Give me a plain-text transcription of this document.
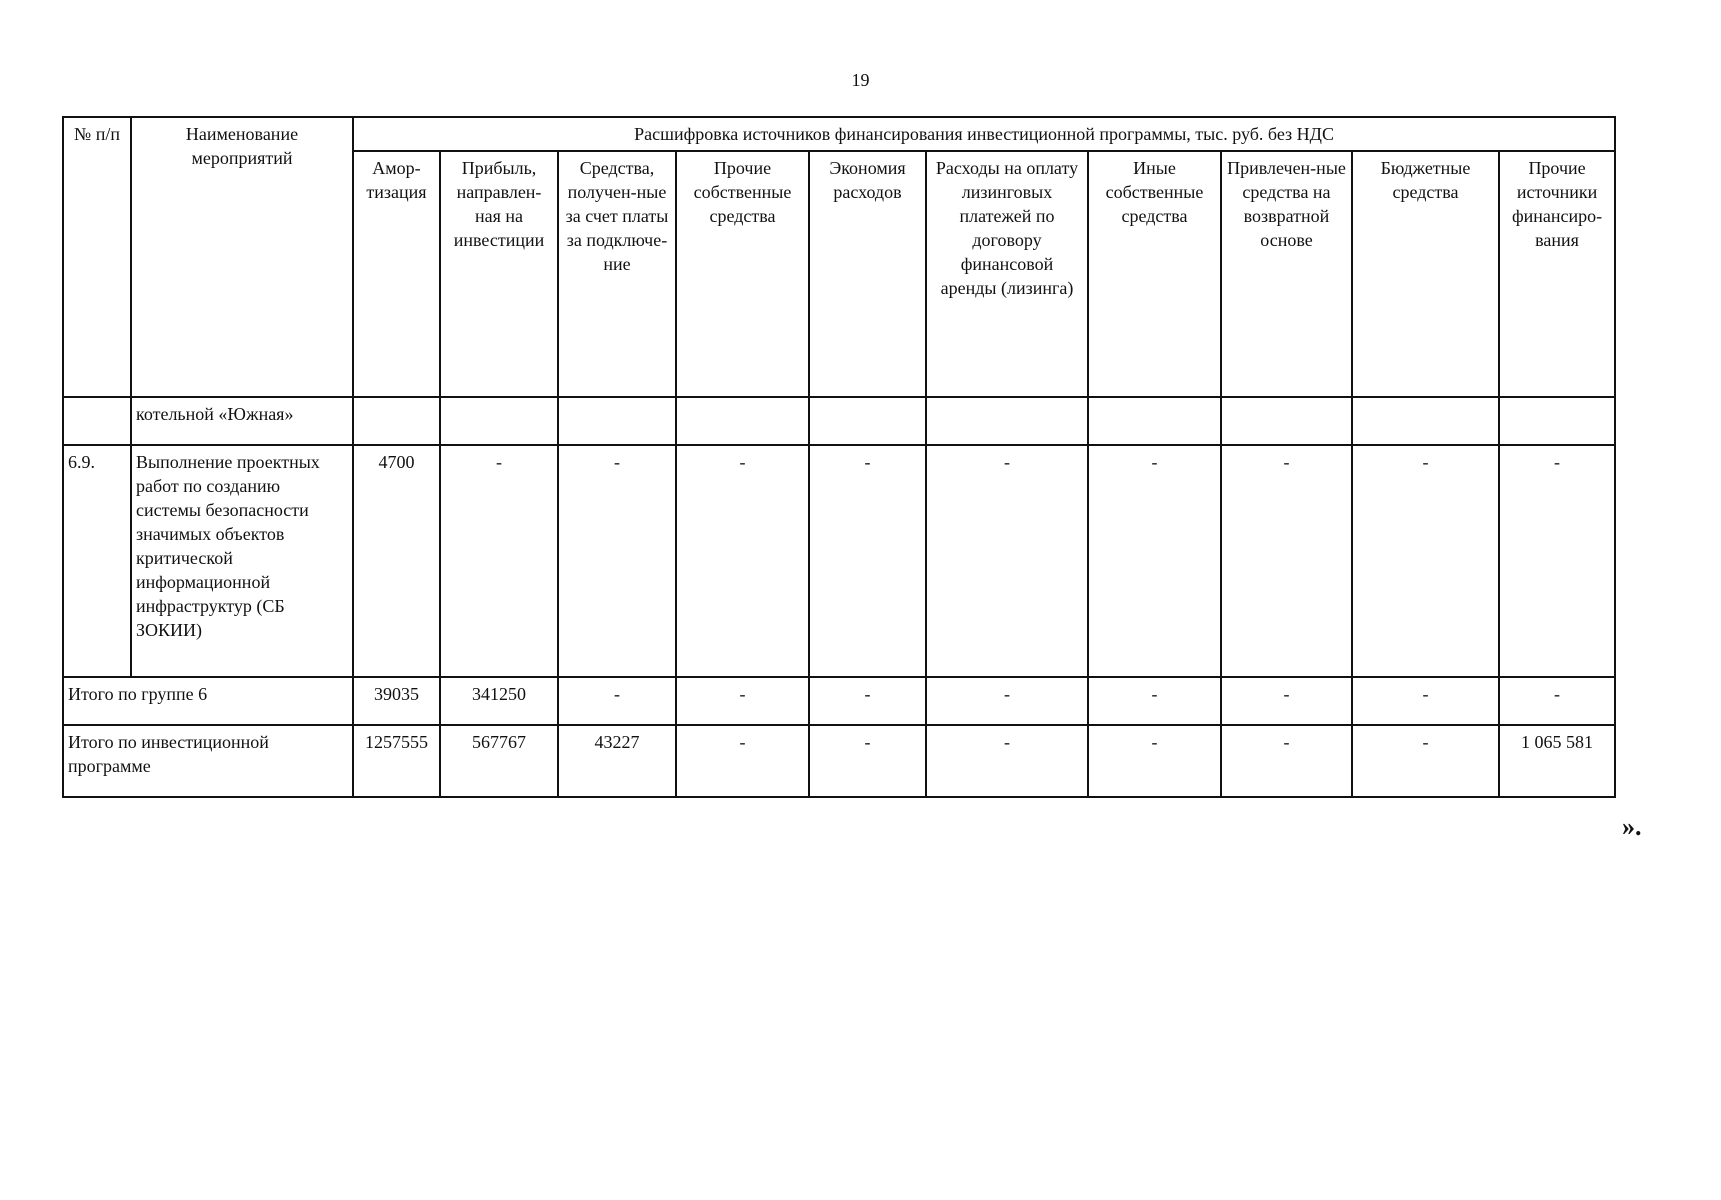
19
№ п/п	Наименование мероприятий	Расшифровка источников финансирования инвестиционной программы, тыс. руб. без НДС									
		Амор-тизация	Прибыль, направлен-ная на инвестиции	Средства, получен-ные за счет платы за подключе-ние	Прочие собственные средства	Экономия расходов	Расходы на оплату лизинговых платежей по договору финансовой аренды (лизинга)	Иные собственные средства	Привлечен-ные средства на возвратной основе	Бюджетные средства	Прочие источники финансиро-вания
	котельной «Южная»										
6.9.	Выполнение проектных работ по созданию системы безопасности значимых объектов критической информационной инфраструктур (СБ ЗОКИИ)	4700	-	-	-	-	-	-	-	-	-
Итого по группе 6		39035	341250	-	-	-	-	-	-	-	-
Итого по инвестиционной программе		1257555	567767	43227	-	-	-	-	-	-	1 065 581
».
